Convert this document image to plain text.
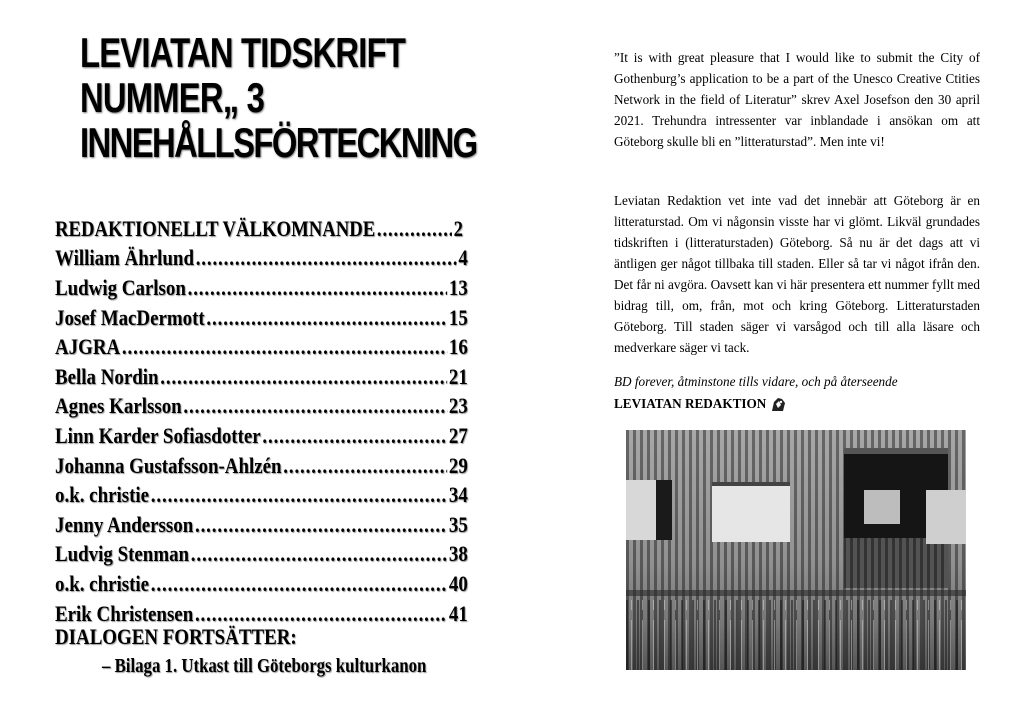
LEVIATAN TIDSKRIFT
NUMMER„ 3
INNEHÅLLSFÖRTECKNING
REDAKTIONELLT VÄLKOMNANDE .....	2
William Ährlund .....	4
Ludwig Carlson .....	13
Josef MacDermott .....	15
AJGRA .....	16
Bella Nordin .....	21
Agnes Karlsson .....	23
Linn Karder Sofiasdotter .....	27
Johanna Gustafsson-Ahlzén .....	29
o.k. christie .....	34
Jenny Andersson .....	35
Ludvig Stenman .....	38
o.k. christie .....	40
Erik Christensen .....	41
DIALOGEN FORTSÄTTER:
– Bilaga 1. Utkast till Göteborgs kulturkanon
”It is with great pleasure that I would like to submit the City of Gothenburg’s application to be a part of the Unesco Creative Ctities Network in the field of Literatur” skrev Axel Josefson den 30 april 2021. Trehundra intressenter var inblandade i ansökan om att Göteborg skulle bli en ”litteraturstad”. Men inte vi!
Leviatan Redaktion vet inte vad det innebär att Göteborg är en litteraturstad. Om vi någonsin visste har vi glömt. Likväl grundades tidskriften i (litteraturstaden) Göteborg. Så nu är det dags att vi äntligen ger något tillbaka till staden. Eller så tar vi något ifrån den. Det får ni avgöra. Oavsett kan vi här presentera ett nummer fyllt med bidrag till, om, från, mot och kring Göteborg. Litteraturstaden Göteborg. Till staden säger vi varsågod och till alla läsare och medverkare säger vi tack.
BD forever, åtminstone tills vidare, och på återseende
LEVIATAN REDAKTION
